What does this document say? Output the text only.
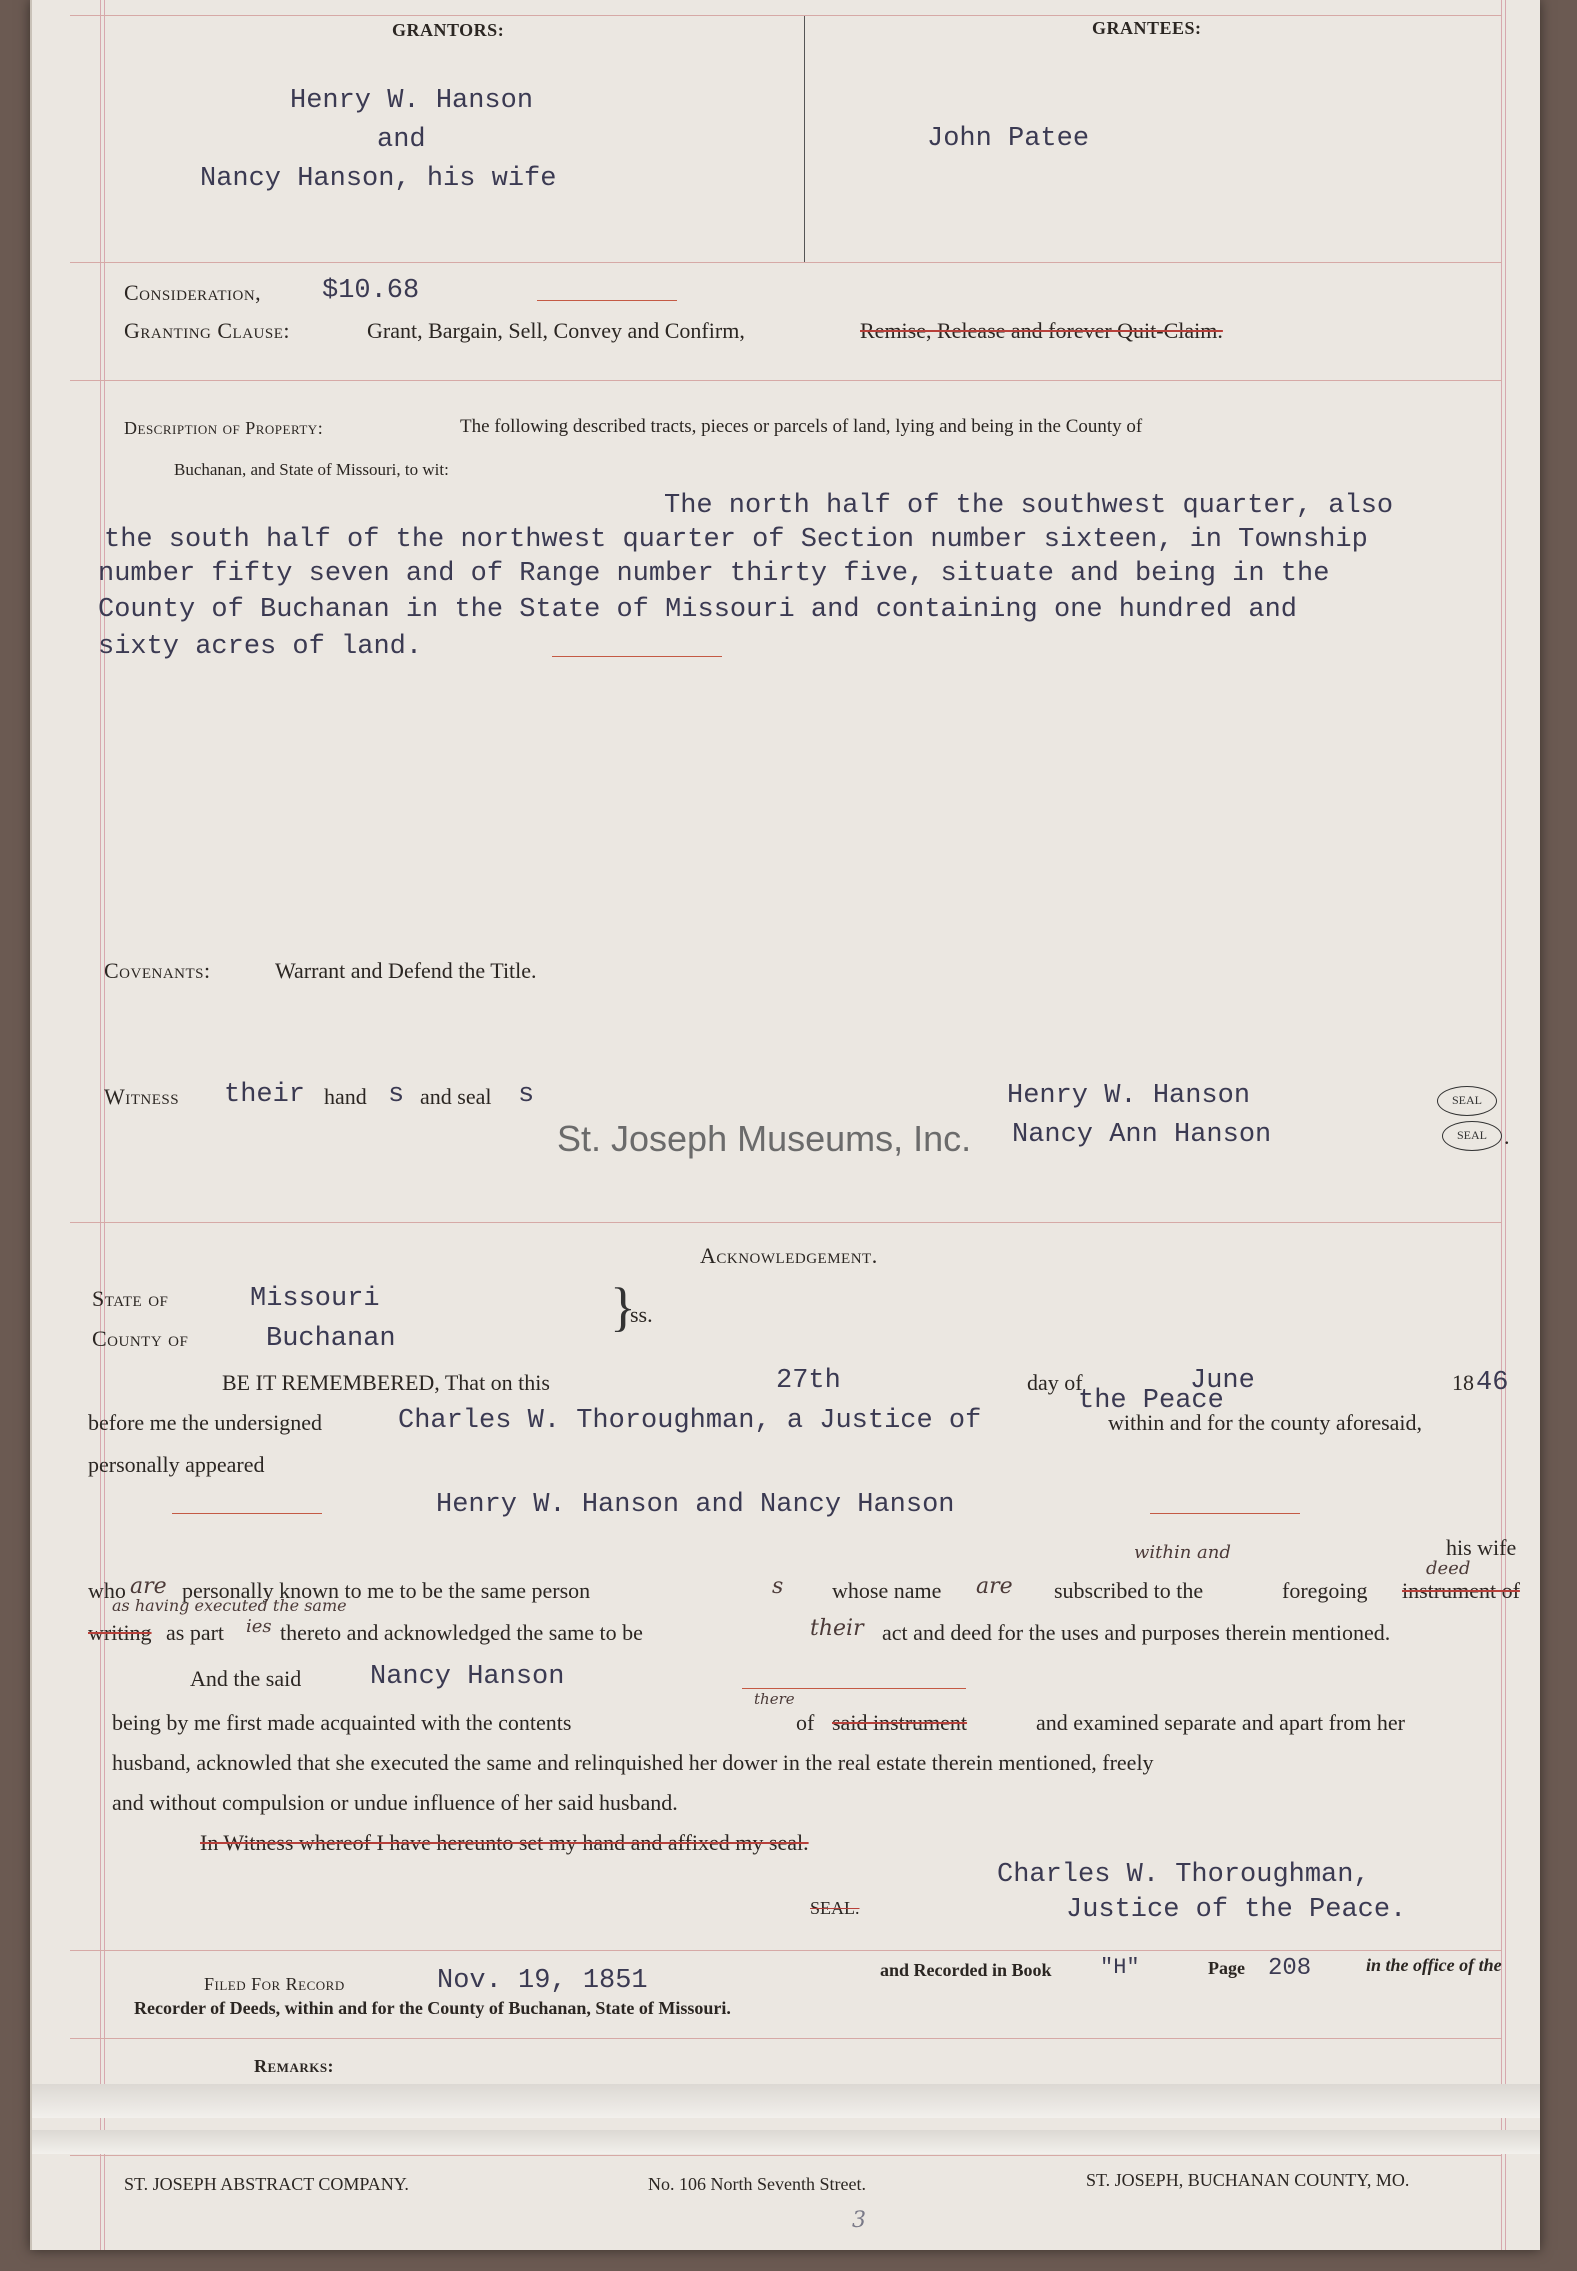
GRANTORS:	GRANTEES:
Henry W. Hanson
and
Nancy Hanson, his wife
John Patee
Consideration, $10.68
Granting Clause:	Grant, Bargain, Sell, Convey and Confirm,	Remise, Release and forever Quit-Claim.
Description of Property:	The following described tracts, pieces or parcels of land, lying and being in the County of
Buchanan, and State of Missouri, to wit:
The north half of the southwest quarter, also
the south half of the northwest quarter of Section number sixteen, in Township
number fifty seven and of Range number thirty five, situate and being in the
County of Buchanan in the State of Missouri and containing one hundred and
sixty acres of land.
Covenants:	Warrant and Defend the Title.
Witness their hand s and seal s	Henry W. Hanson
Nancy Ann Hanson
SEAL
SEAL .
St. Joseph Museums, Inc.
Acknowledgement.
State of	Missouri
County of	Buchanan
}
ss.
BE IT REMEMBERED, That on this	27th	day of	June	18 46
before me the undersigned	Charles W. Thoroughman, a Justice of
the Peace
within and for the county aforesaid,
personally appeared
Henry W. Hanson and Nancy Hanson
his wife
within and
deed
who are personally known to me to be the same person	s whose name are subscribed to the	foregoing instrument of
as having executed the same
writing as part ies thereto and acknowledged the same to be	their act and deed for the uses and purposes therein mentioned.
And the said	Nancy Hanson
there
being by me first made acquainted with the contents	of said instrument	and examined separate and apart from her
husband, acknowled that she executed the same and relinquished her dower in the real estate therein mentioned, freely
and without compulsion or undue influence of her said husband.
In Witness whereof I have hereunto set my hand and affixed my seal.
Charles W. Thoroughman,
SEAL.	Justice of the Peace.
Filed For Record	Nov. 19, 1851	and Recorded in Book "H"	Page 208	in the office of the
Recorder of Deeds, within and for the County of Buchanan, State of Missouri.
Remarks:
ST. JOSEPH ABSTRACT COMPANY.	No. 106 North Seventh Street.	ST. JOSEPH, BUCHANAN COUNTY, MO.
3
